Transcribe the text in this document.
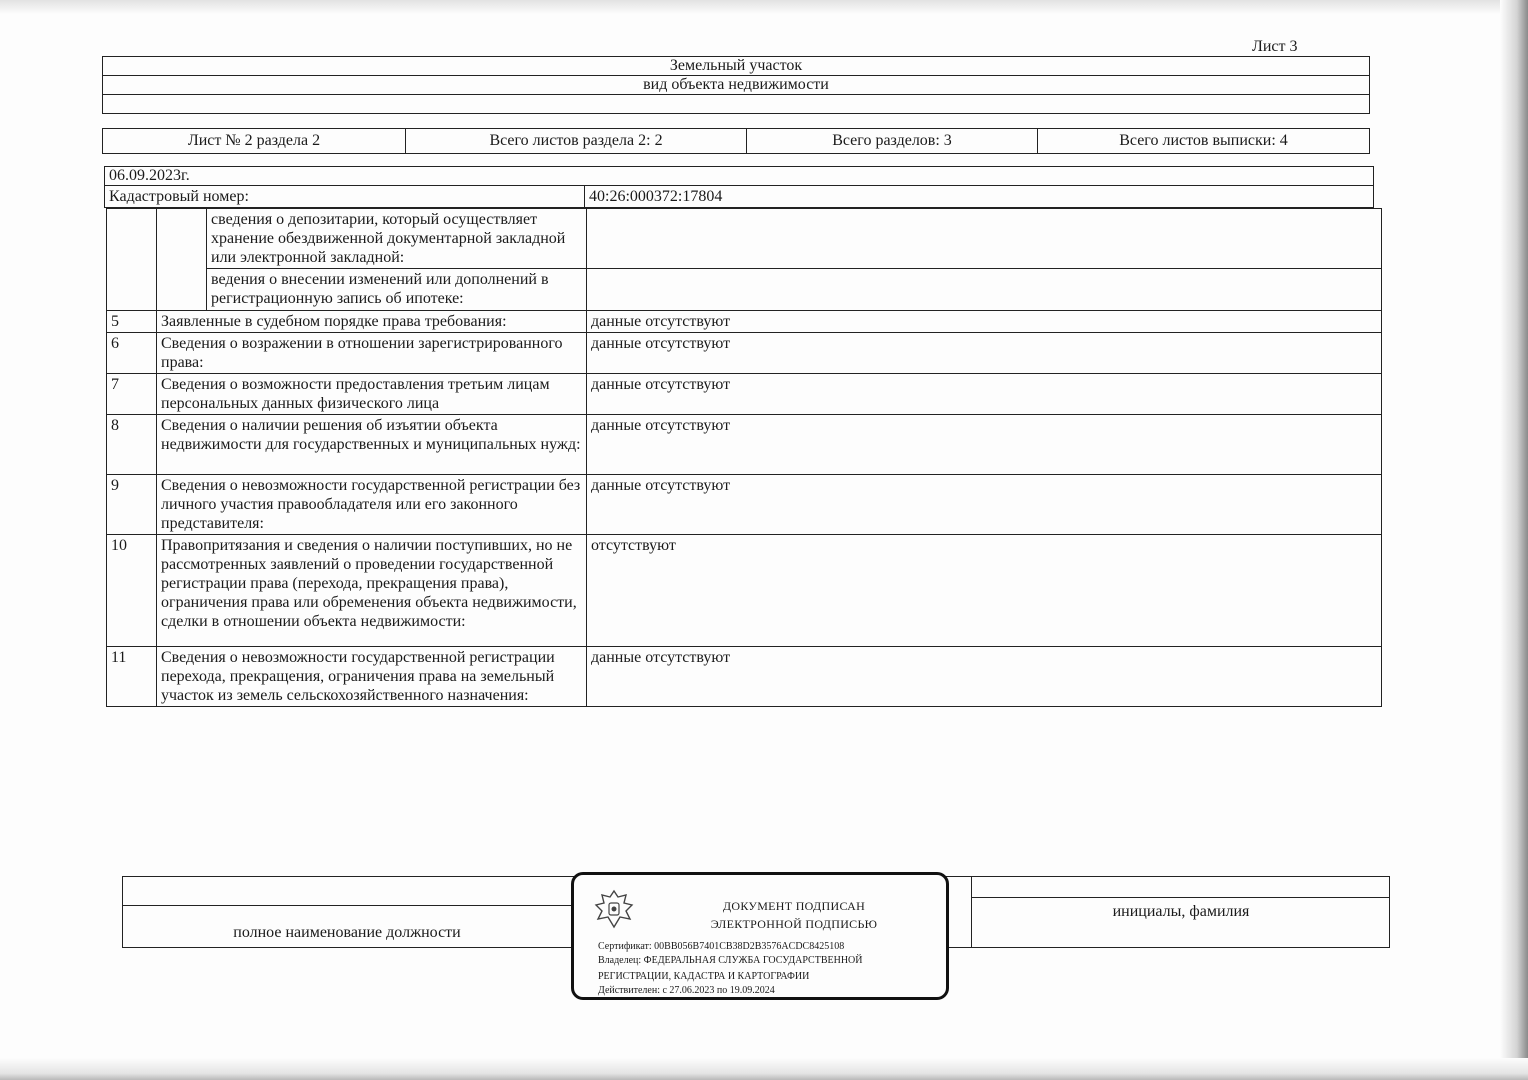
Лист 3
Земельный участок
вид объекта недвижимости
Лист № 2 раздела 2	Всего листов раздела 2: 2	Всего разделов: 3	Всего листов выписки: 4
06.09.2023г.
Кадастровый номер:	40:26:000372:17804
		сведения о депозитарии, который осуществляет хранение обездвиженной документарной закладной или электронной закладной:	
		ведения о внесении изменений или дополнений в регистрационную запись об ипотеке:	
5	Заявленные в судебном порядке права требования:		данные отсутствуют
6	Сведения о возражении в отношении зарегистрированного права:		данные отсутствуют
7	Сведения о возможности предоставления третьим лицам персональных данных физического лица		данные отсутствуют
8	Сведения о наличии решения об изъятии объекта недвижимости для государственных и муниципальных нужд:		данные отсутствуют
9	Сведения о невозможности государственной регистрации без личного участия правообладателя или его законного представителя:		данные отсутствуют
10	Правопритязания и сведения о наличии поступивших, но не рассмотренных заявлений о проведении государственной регистрации права (перехода, прекращения права), ограничения права или обременения объекта недвижимости, сделки в отношении объекта недвижимости:		отсутствуют
11	Сведения о невозможности государственной регистрации перехода, прекращения, ограничения права на земельный участок из земель сельскохозяйственного назначения:		данные отсутствуют
полное наименование должности
инициалы, фамилия
ДОКУМЕНТ ПОДПИСАН
ЭЛЕКТРОННОЙ ПОДПИСЬЮ
Сертификат: 00BB056B7401CB38D2B3576ACDC8425108
Владелец: ФЕДЕРАЛЬНАЯ СЛУЖБА ГОСУДАРСТВЕННОЙ
РЕГИСТРАЦИИ, КАДАСТРА И КАРТОГРАФИИ
Действителен: с 27.06.2023 по 19.09.2024
